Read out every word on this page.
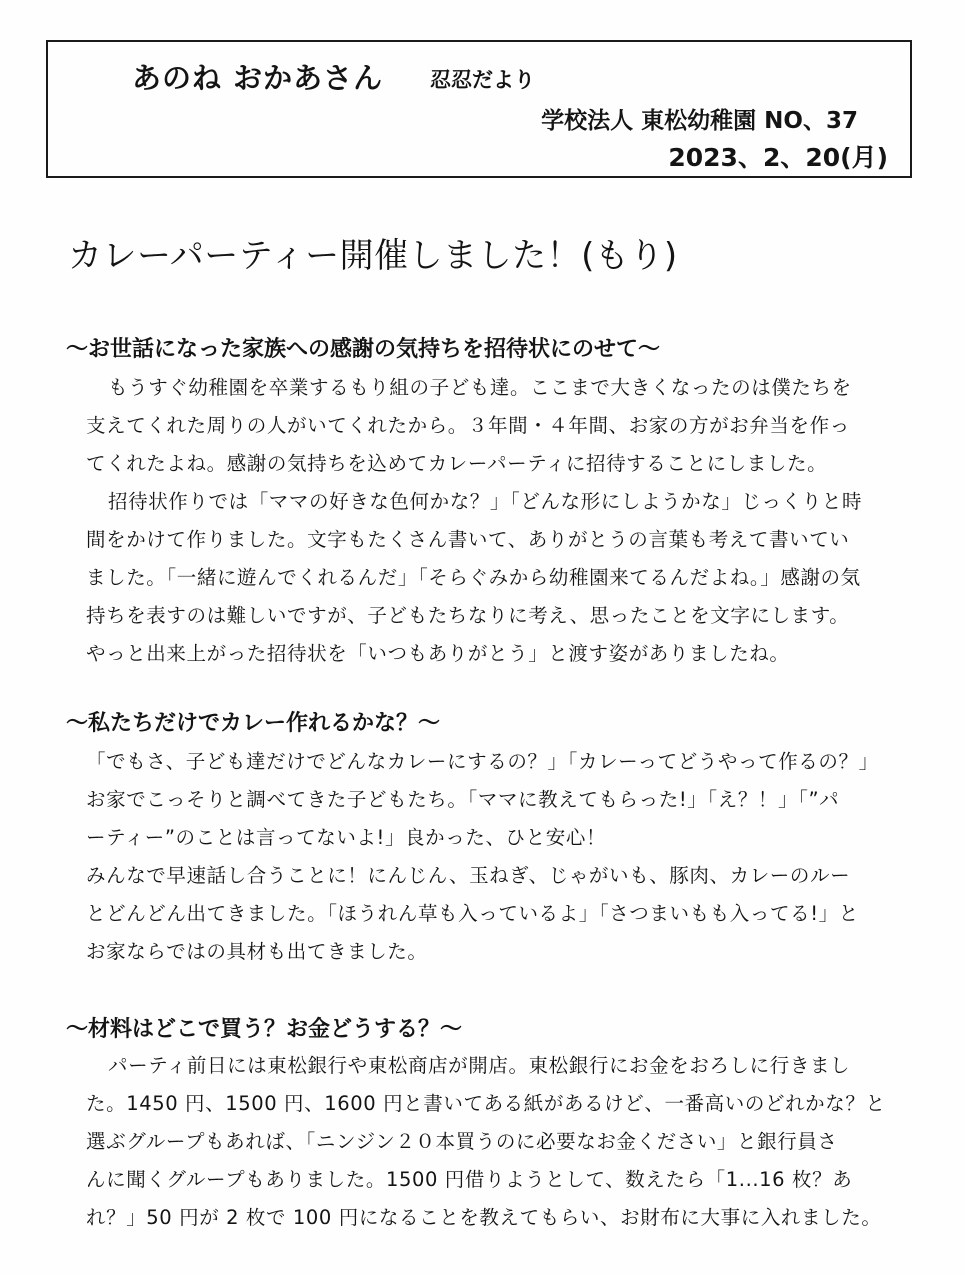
あのね おかあさん 忍忍だより
学校法人 東松幼稚園 NO、37
2023、2、20(月)
カレーパーティー開催しました！(もり)
～お世話になった家族への感謝の気持ちを招待状にのせて～
もうすぐ幼稚園を卒業するもり組の子ども達。ここまで大きくなったのは僕たちを
支えてくれた周りの人がいてくれたから。３年間・４年間、お家の方がお弁当を作っ
てくれたよね。感謝の気持ちを込めてカレーパーティに招待することにしました。
招待状作りでは「ママの好きな色何かな？」「どんな形にしようかな」じっくりと時
間をかけて作りました。文字もたくさん書いて、ありがとうの言葉も考えて書いてい
ました。「一緒に遊んでくれるんだ」「そらぐみから幼稚園来てるんだよね。」感謝の気
持ちを表すのは難しいですが、子どもたちなりに考え、思ったことを文字にします。
やっと出来上がった招待状を「いつもありがとう」と渡す姿がありましたね。
～私たちだけでカレー作れるかな？～
「でもさ、子ども達だけでどんなカレーにするの？」「カレーってどうやって作るの？」
お家でこっそりと調べてきた子どもたち。「ママに教えてもらった!」「え？！」「”パ
ーティー”のことは言ってないよ!」良かった、ひと安心！
みんなで早速話し合うことに！にんじん、玉ねぎ、じゃがいも、豚肉、カレーのルー
とどんどん出てきました。「ほうれん草も入っているよ」「さつまいもも入ってる!」と
お家ならではの具材も出てきました。
～材料はどこで買う？お金どうする？～
パーティ前日には東松銀行や東松商店が開店。東松銀行にお金をおろしに行きまし
た。1450 円、1500 円、1600 円と書いてある紙があるけど、一番高いのどれかな？と
選ぶグループもあれば、「ニンジン２０本買うのに必要なお金ください」と銀行員さ
んに聞くグループもありました。1500 円借りようとして、数えたら「1...16 枚？あ
れ？」50 円が 2 枚で 100 円になることを教えてもらい、お財布に大事に入れました。
